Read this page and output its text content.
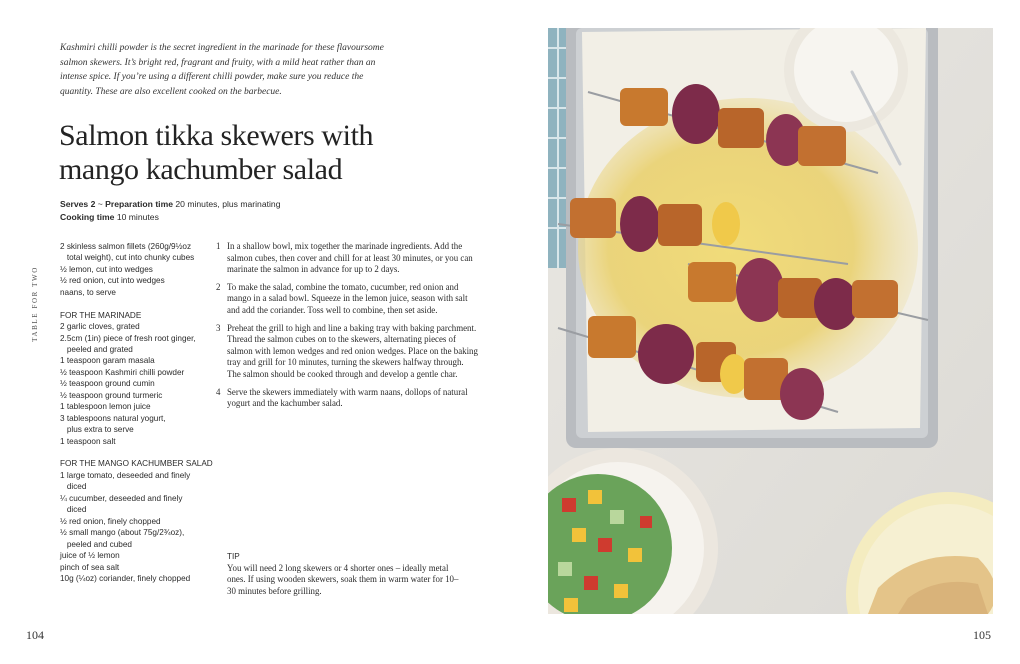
Kashmiri chilli powder is the secret ingredient in the marinade for these flavoursome salmon skewers. It’s bright red, fragrant and fruity, with a mild heat rather than an intense spice. If you’re using a different chilli powder, make sure you reduce the quantity. These are also excellent cooked on the barbecue.
Salmon tikka skewers with
mango kachumber salad
Serves 2 ~ Preparation time 20 minutes, plus marinating
Cooking time 10 minutes
TABLE FOR TWO
2 skinless salmon fillets (260g/9½oz
total weight), cut into chunky cubes
½ lemon, cut into wedges
½ red onion, cut into wedges
naans, to serve
FOR THE MARINADE
2 garlic cloves, grated
2.5cm (1in) piece of fresh root ginger,
peeled and grated
1 teaspoon garam masala
½ teaspoon Kashmiri chilli powder
½ teaspoon ground cumin
½ teaspoon ground turmeric
1 tablespoon lemon juice
3 tablespoons natural yogurt,
plus extra to serve
1 teaspoon salt
FOR THE MANGO KACHUMBER SALAD
1 large tomato, deseeded and finely
diced
¼ cucumber, deseeded and finely
diced
½ red onion, finely chopped
½ small mango (about 75g/2¾oz),
peeled and cubed
juice of ½ lemon
pinch of sea salt
10g (¼oz) coriander, finely chopped
1 In a shallow bowl, mix together the marinade ingredients. Add the salmon cubes, then cover and chill for at least 30 minutes, or you can marinate the salmon in advance for up to 2 days.
2 To make the salad, combine the tomato, cucumber, red onion and mango in a salad bowl. Squeeze in the lemon juice, season with salt and add the coriander. Toss well to combine, then set aside.
3 Preheat the grill to high and line a baking tray with baking parchment. Thread the salmon cubes on to the skewers, alternating pieces of salmon with lemon wedges and red onion wedges. Place on the baking tray and grill for 10 minutes, turning the skewers halfway through. The salmon should be cooked through and develop a gentle char.
4 Serve the skewers immediately with warm naans, dollops of natural yogurt and the kachumber salad.
TIP
You will need 2 long skewers or 4 shorter ones – ideally metal ones. If using wooden skewers, soak them in warm water for 10–30 minutes before grilling.
104	105
